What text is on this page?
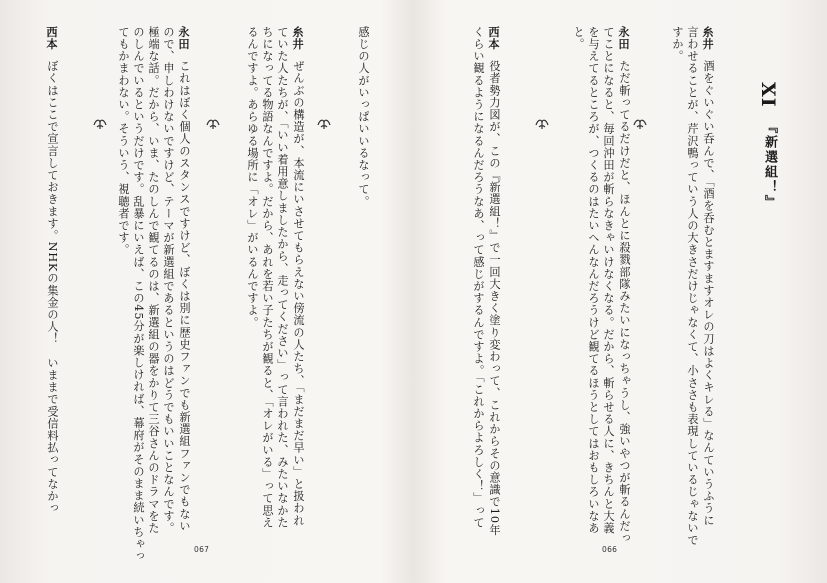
XI
『新選組！』
糸井酒をぐいぐい呑んで、「酒を呑むとますますオレの刀はよくキレる」なんていうふうに
言わせることが、芹沢鴨っていう人の大きさだけじゃなくて、小ささも表現しているじゃないで
すか。
永田ただ斬ってるだけだと、ほんとに殺戮部隊みたいになっちゃうし、強いやつが斬るんだっ
てことになると、毎回沖田が斬らなきゃいけなくなる。だから、斬らせる人に、きちんと大義
を与えてるところが、つくるのはたいへんなんだろうけど観てるほうとしてはおもしろいなあ
と。
西本役者勢力図が、この『新選組！』で一回大きく塗り変わって、これからその意識で10年
くらい観るようになるんだろうなあ、って感じがするんですよ。「これからよろしく！」って
066
感じの人がいっぱいいるなって。
糸井ぜんぶの構造が、本流にいさせてもらえない傍流の人たち、「まだまだ早い」と扱われ
ていた人たちが、「いい着用意しましたから、走ってください」って言われた、みたいなかた
ちになってる物語なんですよ。だから、あれを若い子たちが観ると、「オレがいる」って思え
るんですよ。あらゆる場所に「オレ」がいるんですよ。
永田これはぼく個人のスタンスですけど、ぼくは別に歴史ファンでも新選組ファンでもない
ので、申しわけないですけど、テーマが新選組であるというのはどうでもいいことなんです。
極端な話。だから、いま、たのしんで観てるのは、新選組の器をかりて三谷さんのドラマをた
のしんでいるというだけです。乱暴にいえば、この45分が楽しければ、幕府がそのまま続いちゃっ
てもかまわない。そういう、視聴者です。
西本ぼくはここで宣言しておきます。NHKの集金の人！　いままで受信料払ってなかっ
067
